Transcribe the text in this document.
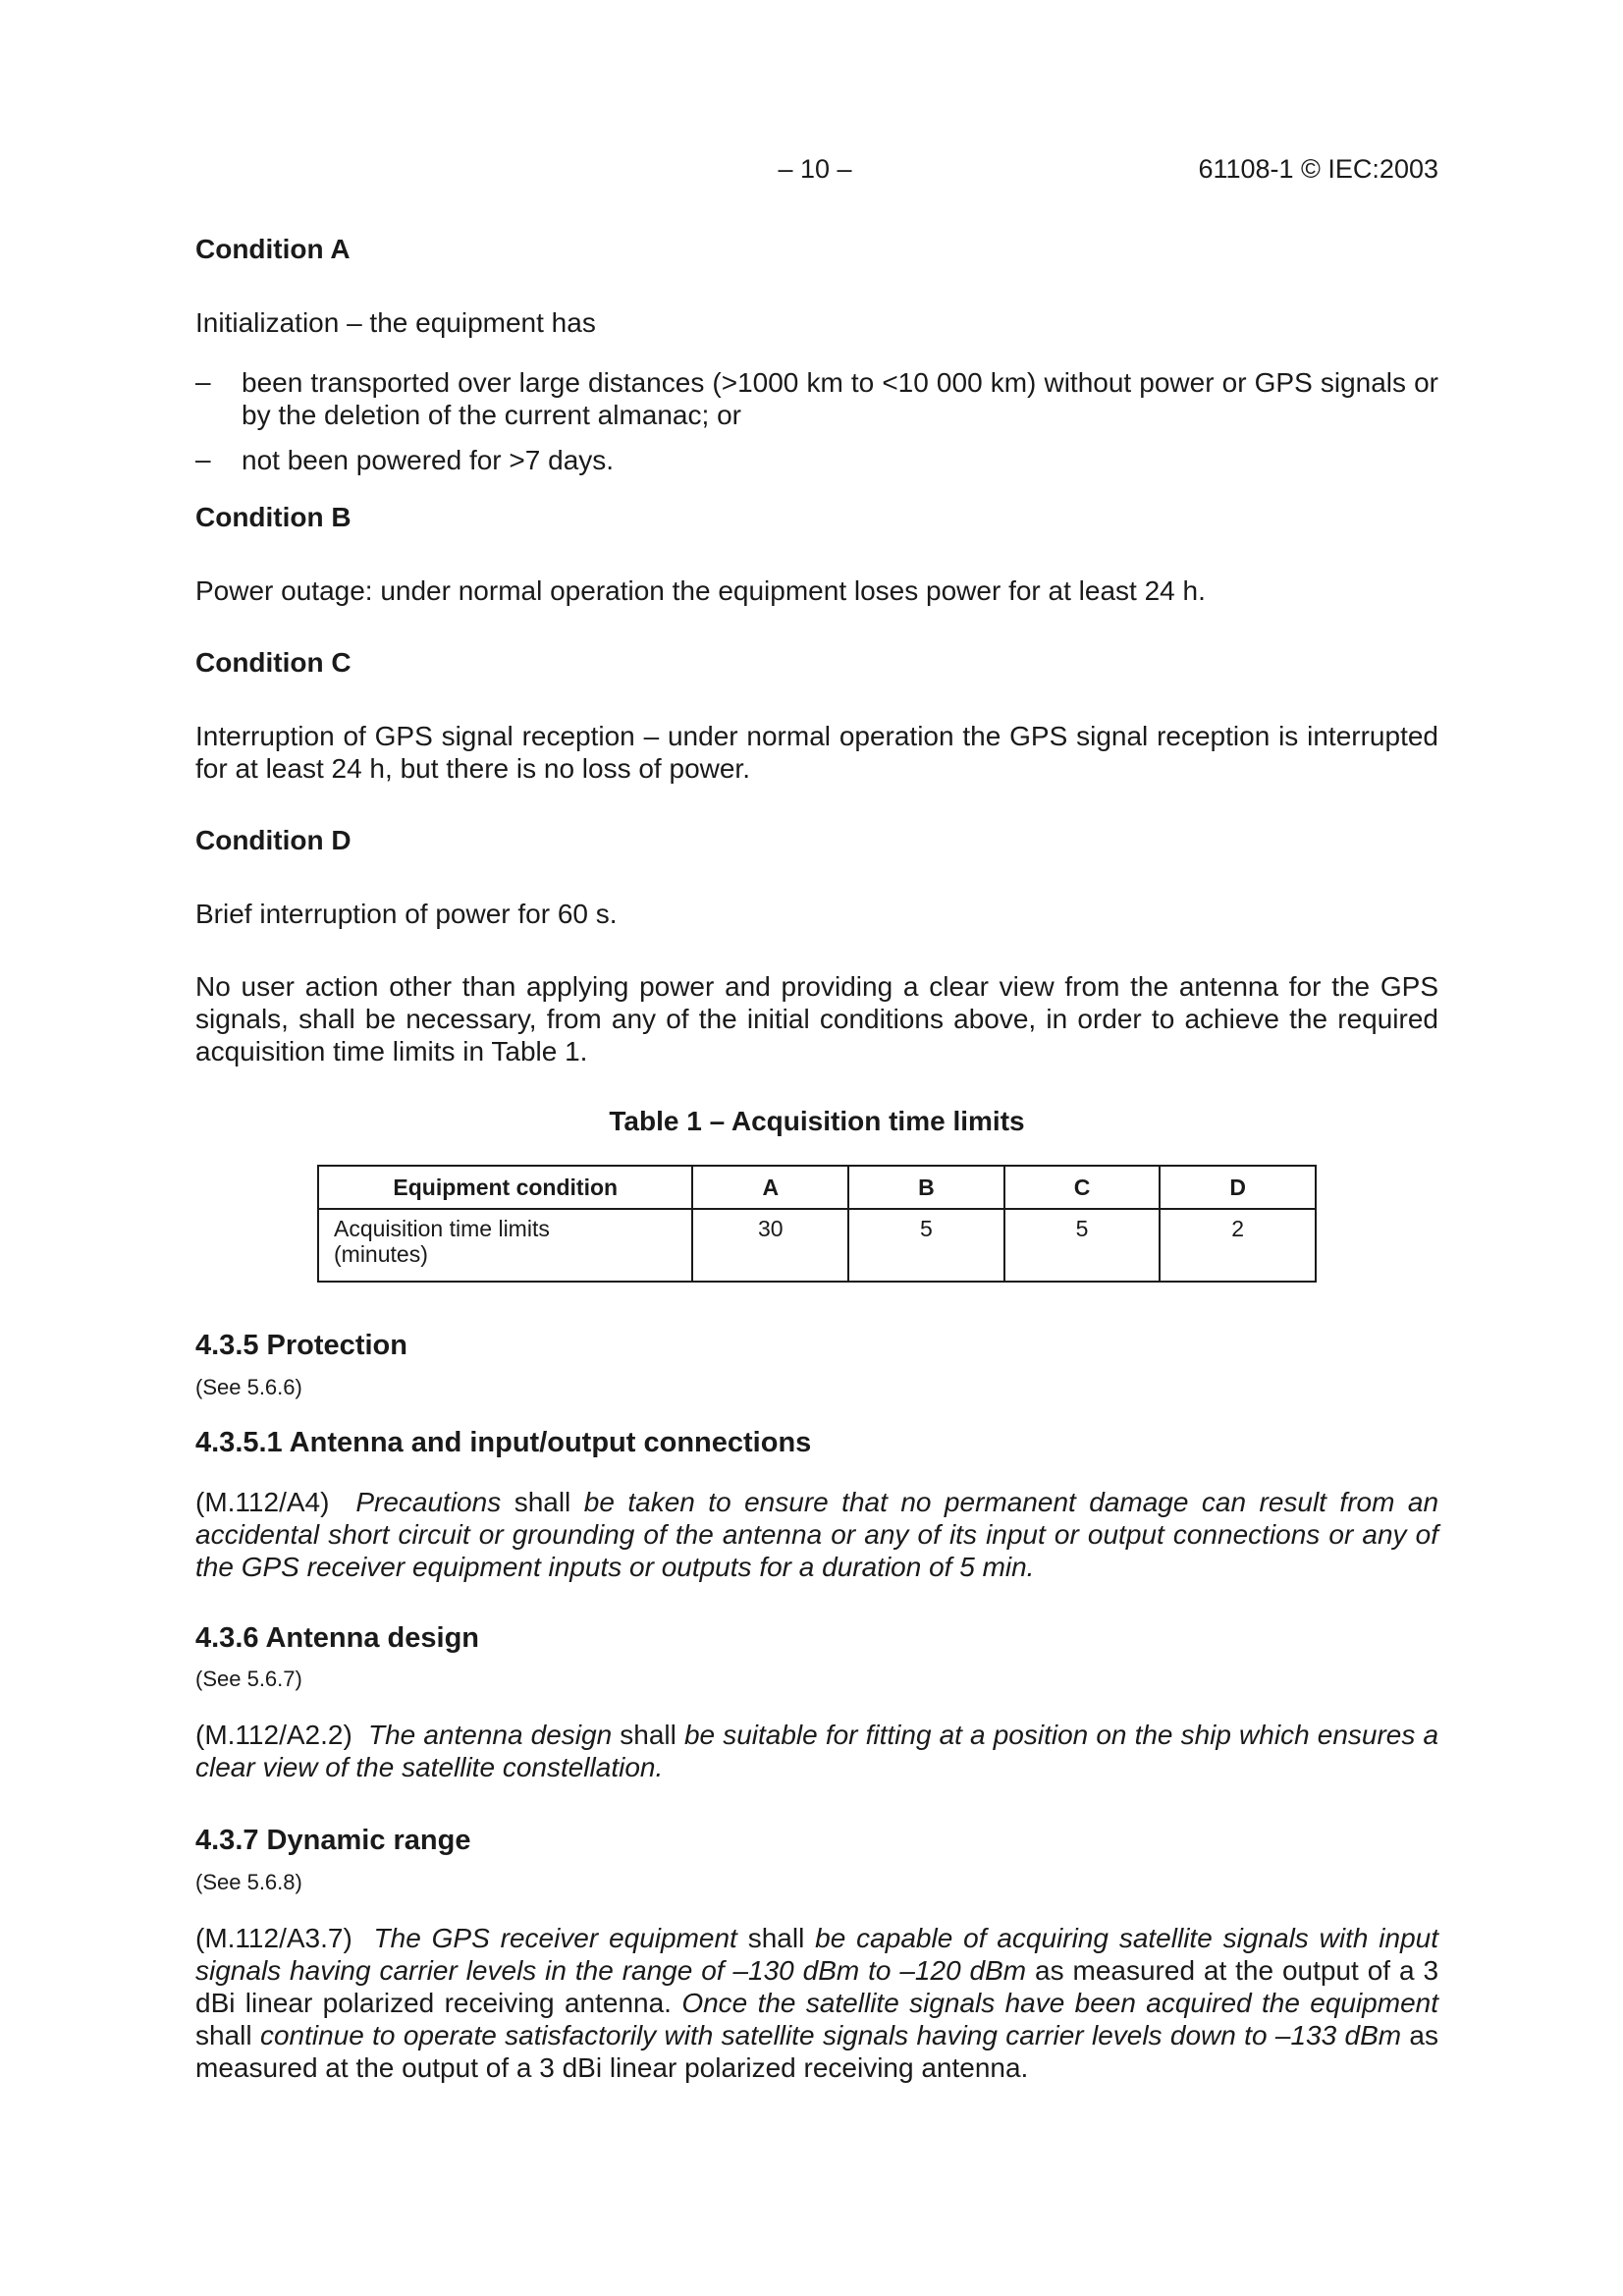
– 10 –	61108-1 © IEC:2003
Condition A
Initialization – the equipment has
– been transported over large distances (>1000 km to <10 000 km) without power or GPS signals or by the deletion of the current almanac; or
– not been powered for >7 days.
Condition B
Power outage: under normal operation the equipment loses power for at least 24 h.
Condition C
Interruption of GPS signal reception – under normal operation the GPS signal reception is interrupted for at least 24 h, but there is no loss of power.
Condition D
Brief interruption of power for 60 s.
No user action other than applying power and providing a clear view from the antenna for the GPS signals, shall be necessary, from any of the initial conditions above, in order to achieve the required acquisition time limits in Table 1.
Table 1 – Acquisition time limits
Equipment condition	A	B	C	D

Acquisition time limits
(minutes)	30	5	5	2
4.3.5 Protection
(See 5.6.6)
4.3.5.1 Antenna and input/output connections
(M.112/A4) Precautions shall be taken to ensure that no permanent damage can result from an accidental short circuit or grounding of the antenna or any of its input or output connections or any of the GPS receiver equipment inputs or outputs for a duration of 5 min.
4.3.6 Antenna design
(See 5.6.7)
(M.112/A2.2) The antenna design shall be suitable for fitting at a position on the ship which ensures a clear view of the satellite constellation.
4.3.7 Dynamic range
(See 5.6.8)
(M.112/A3.7) The GPS receiver equipment shall be capable of acquiring satellite signals with input signals having carrier levels in the range of –130 dBm to –120 dBm as measured at the output of a 3 dBi linear polarized receiving antenna. Once the satellite signals have been acquired the equipment shall continue to operate satisfactorily with satellite signals having carrier levels down to –133 dBm as measured at the output of a 3 dBi linear polarized receiving antenna.
